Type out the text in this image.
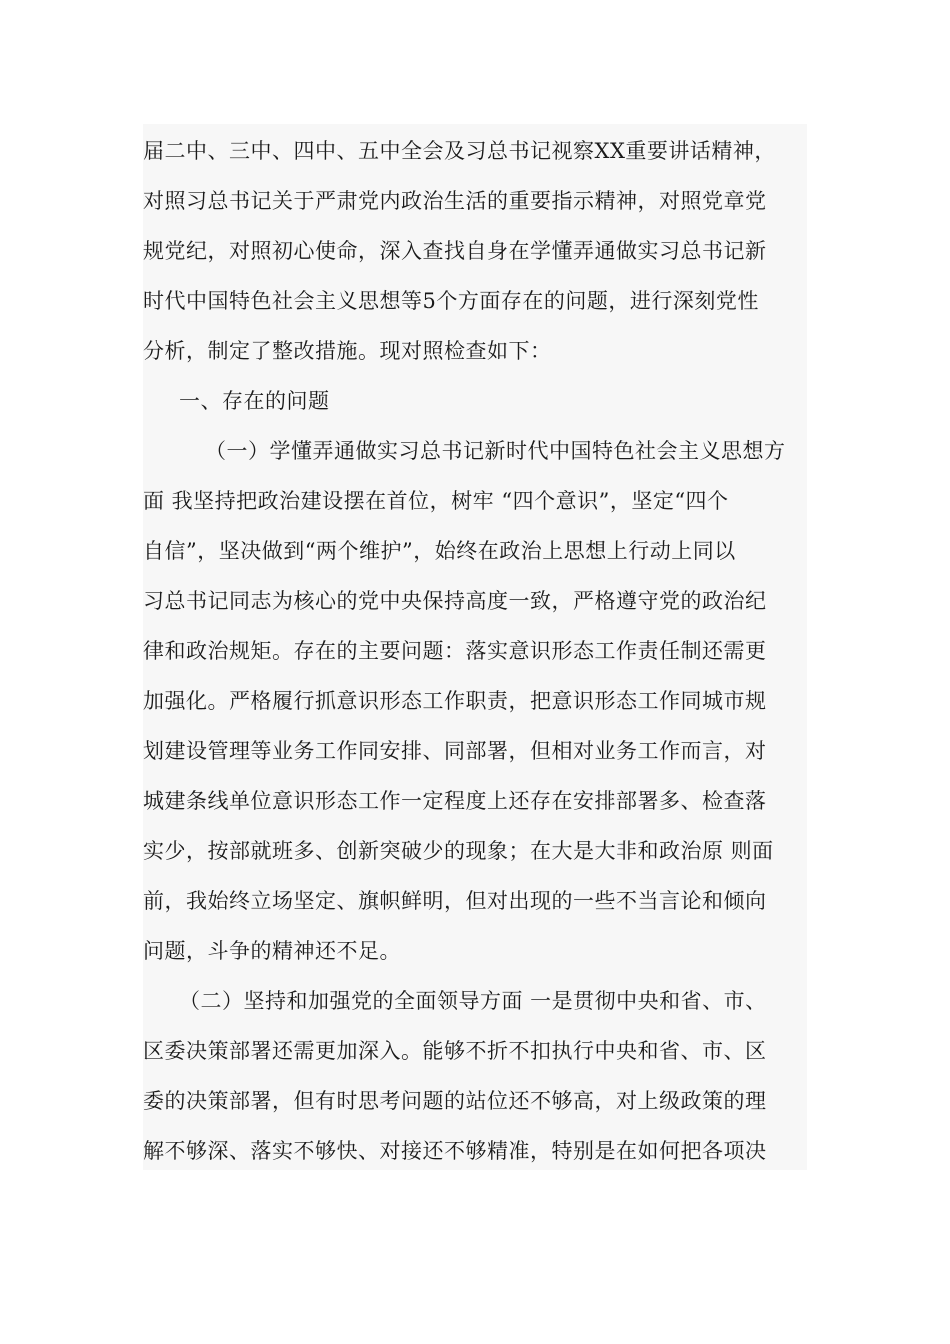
届二中、三中、四中、五中全会及习总书记视察XX重要讲话精神，
对照习总书记关于严肃党内政治生活的重要指示精神，对照党章党
规党纪，对照初心使命，深入查找自身在学懂弄通做实习总书记新
时代中国特色社会主义思想等5个方面存在的问题，进行深刻党性
分析，制定了整改措施。现对照检查如下：
一、存在的问题
（一）学懂弄通做实习总书记新时代中国特色社会主义思想方
面 我坚持把政治建设摆在首位，树牢 “四个意识”，坚定“四个
自信”，坚决做到“两个维护”，始终在政治上思想上行动上同以
习总书记同志为核心的党中央保持高度一致，严格遵守党的政治纪
律和政治规矩。存在的主要问题：落实意识形态工作责任制还需更
加强化。严格履行抓意识形态工作职责，把意识形态工作同城市规
划建设管理等业务工作同安排、同部署，但相对业务工作而言，对
城建条线单位意识形态工作一定程度上还存在安排部署多、检查落
实少，按部就班多、创新突破少的现象；在大是大非和政治原 则面
前，我始终立场坚定、旗帜鲜明，但对出现的一些不当言论和倾向
问题，斗争的精神还不足。
（二）坚持和加强党的全面领导方面 一是贯彻中央和省、市、
区委决策部署还需更加深入。能够不折不扣执行中央和省、市、区
委的决策部署，但有时思考问题的站位还不够高，对上级政策的理
解不够深、落实不够快、对接还不够精准，特别是在如何把各项决
